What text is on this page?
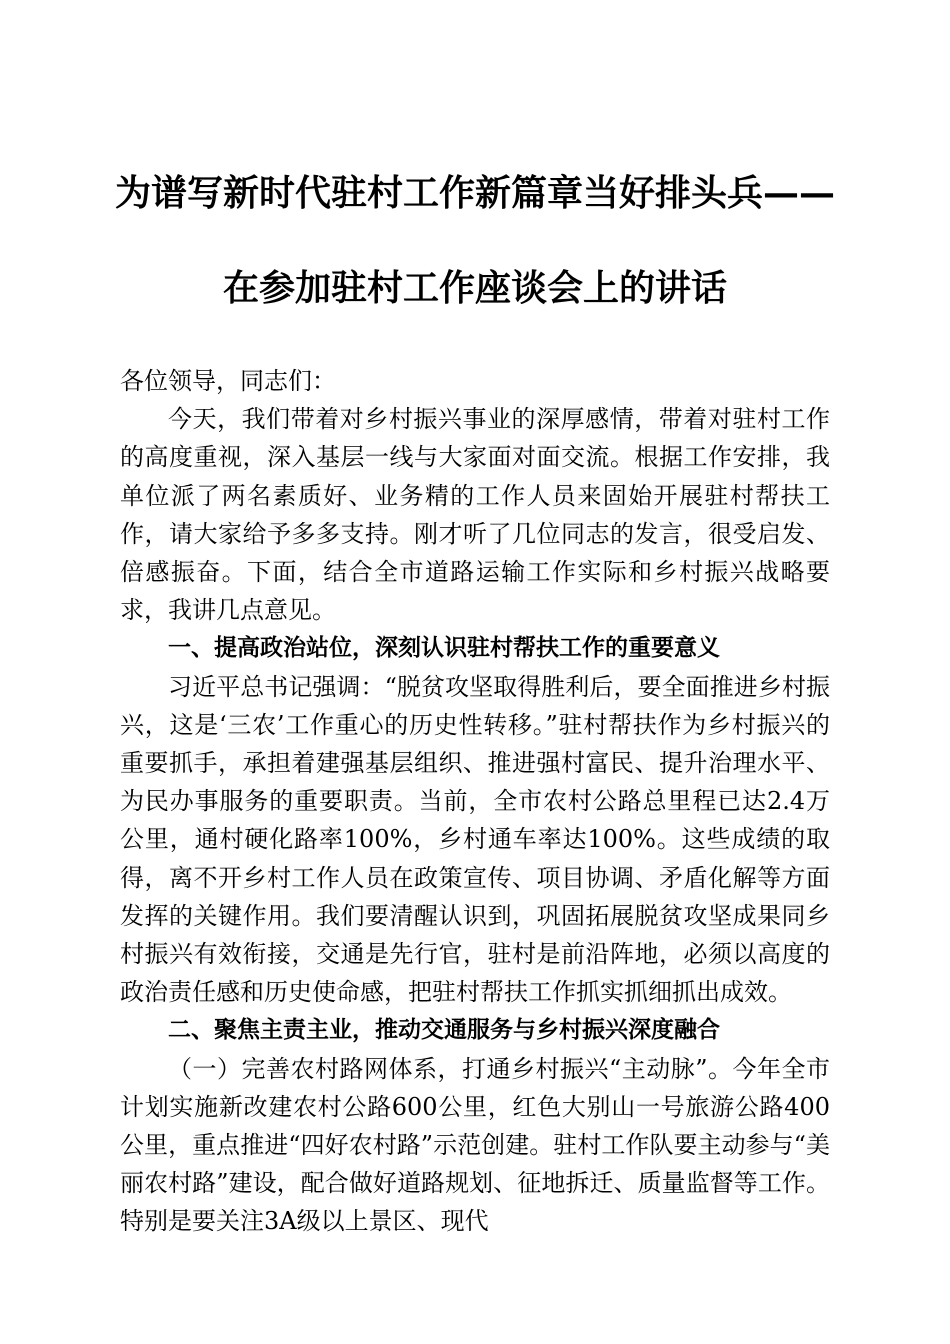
为谱写新时代驻村工作新篇章当好排头兵——
在参加驻村工作座谈会上的讲话

各位领导，同志们：

今天，我们带着对乡村振兴事业的深厚感情，带着对驻村工作的高度重视，深入基层一线与大家面对面交流。根据工作安排，我单位派了两名素质好、业务精的工作人员来固始开展驻村帮扶工作，请大家给予多多支持。刚才听了几位同志的发言，很受启发、倍感振奋。下面，结合全市道路运输工作实际和乡村振兴战略要求，我讲几点意见。

一、提高政治站位，深刻认识驻村帮扶工作的重要意义

习近平总书记强调：“脱贫攻坚取得胜利后，要全面推进乡村振兴，这是‘三农’工作重心的历史性转移。”驻村帮扶作为乡村振兴的重要抓手，承担着建强基层组织、推进强村富民、提升治理水平、为民办事服务的重要职责。当前，全市农村公路总里程已达2.4万公里，通村硬化路率100%，乡村通车率达100%。这些成绩的取得，离不开乡村工作人员在政策宣传、项目协调、矛盾化解等方面发挥的关键作用。我们要清醒认识到，巩固拓展脱贫攻坚成果同乡村振兴有效衔接，交通是先行官，驻村是前沿阵地，必须以高度的政治责任感和历史使命感，把驻村帮扶工作抓实抓细抓出成效。

二、聚焦主责主业，推动交通服务与乡村振兴深度融合

（一）完善农村路网体系，打通乡村振兴“主动脉”。今年全市计划实施新改建农村公路600公里，红色大别山一号旅游公路400公里，重点推进“四好农村路”示范创建。驻村工作队要主动参与“美丽农村路”建设，配合做好道路规划、征地拆迁、质量监督等工作。特别是要关注3A级以上景区、现代
